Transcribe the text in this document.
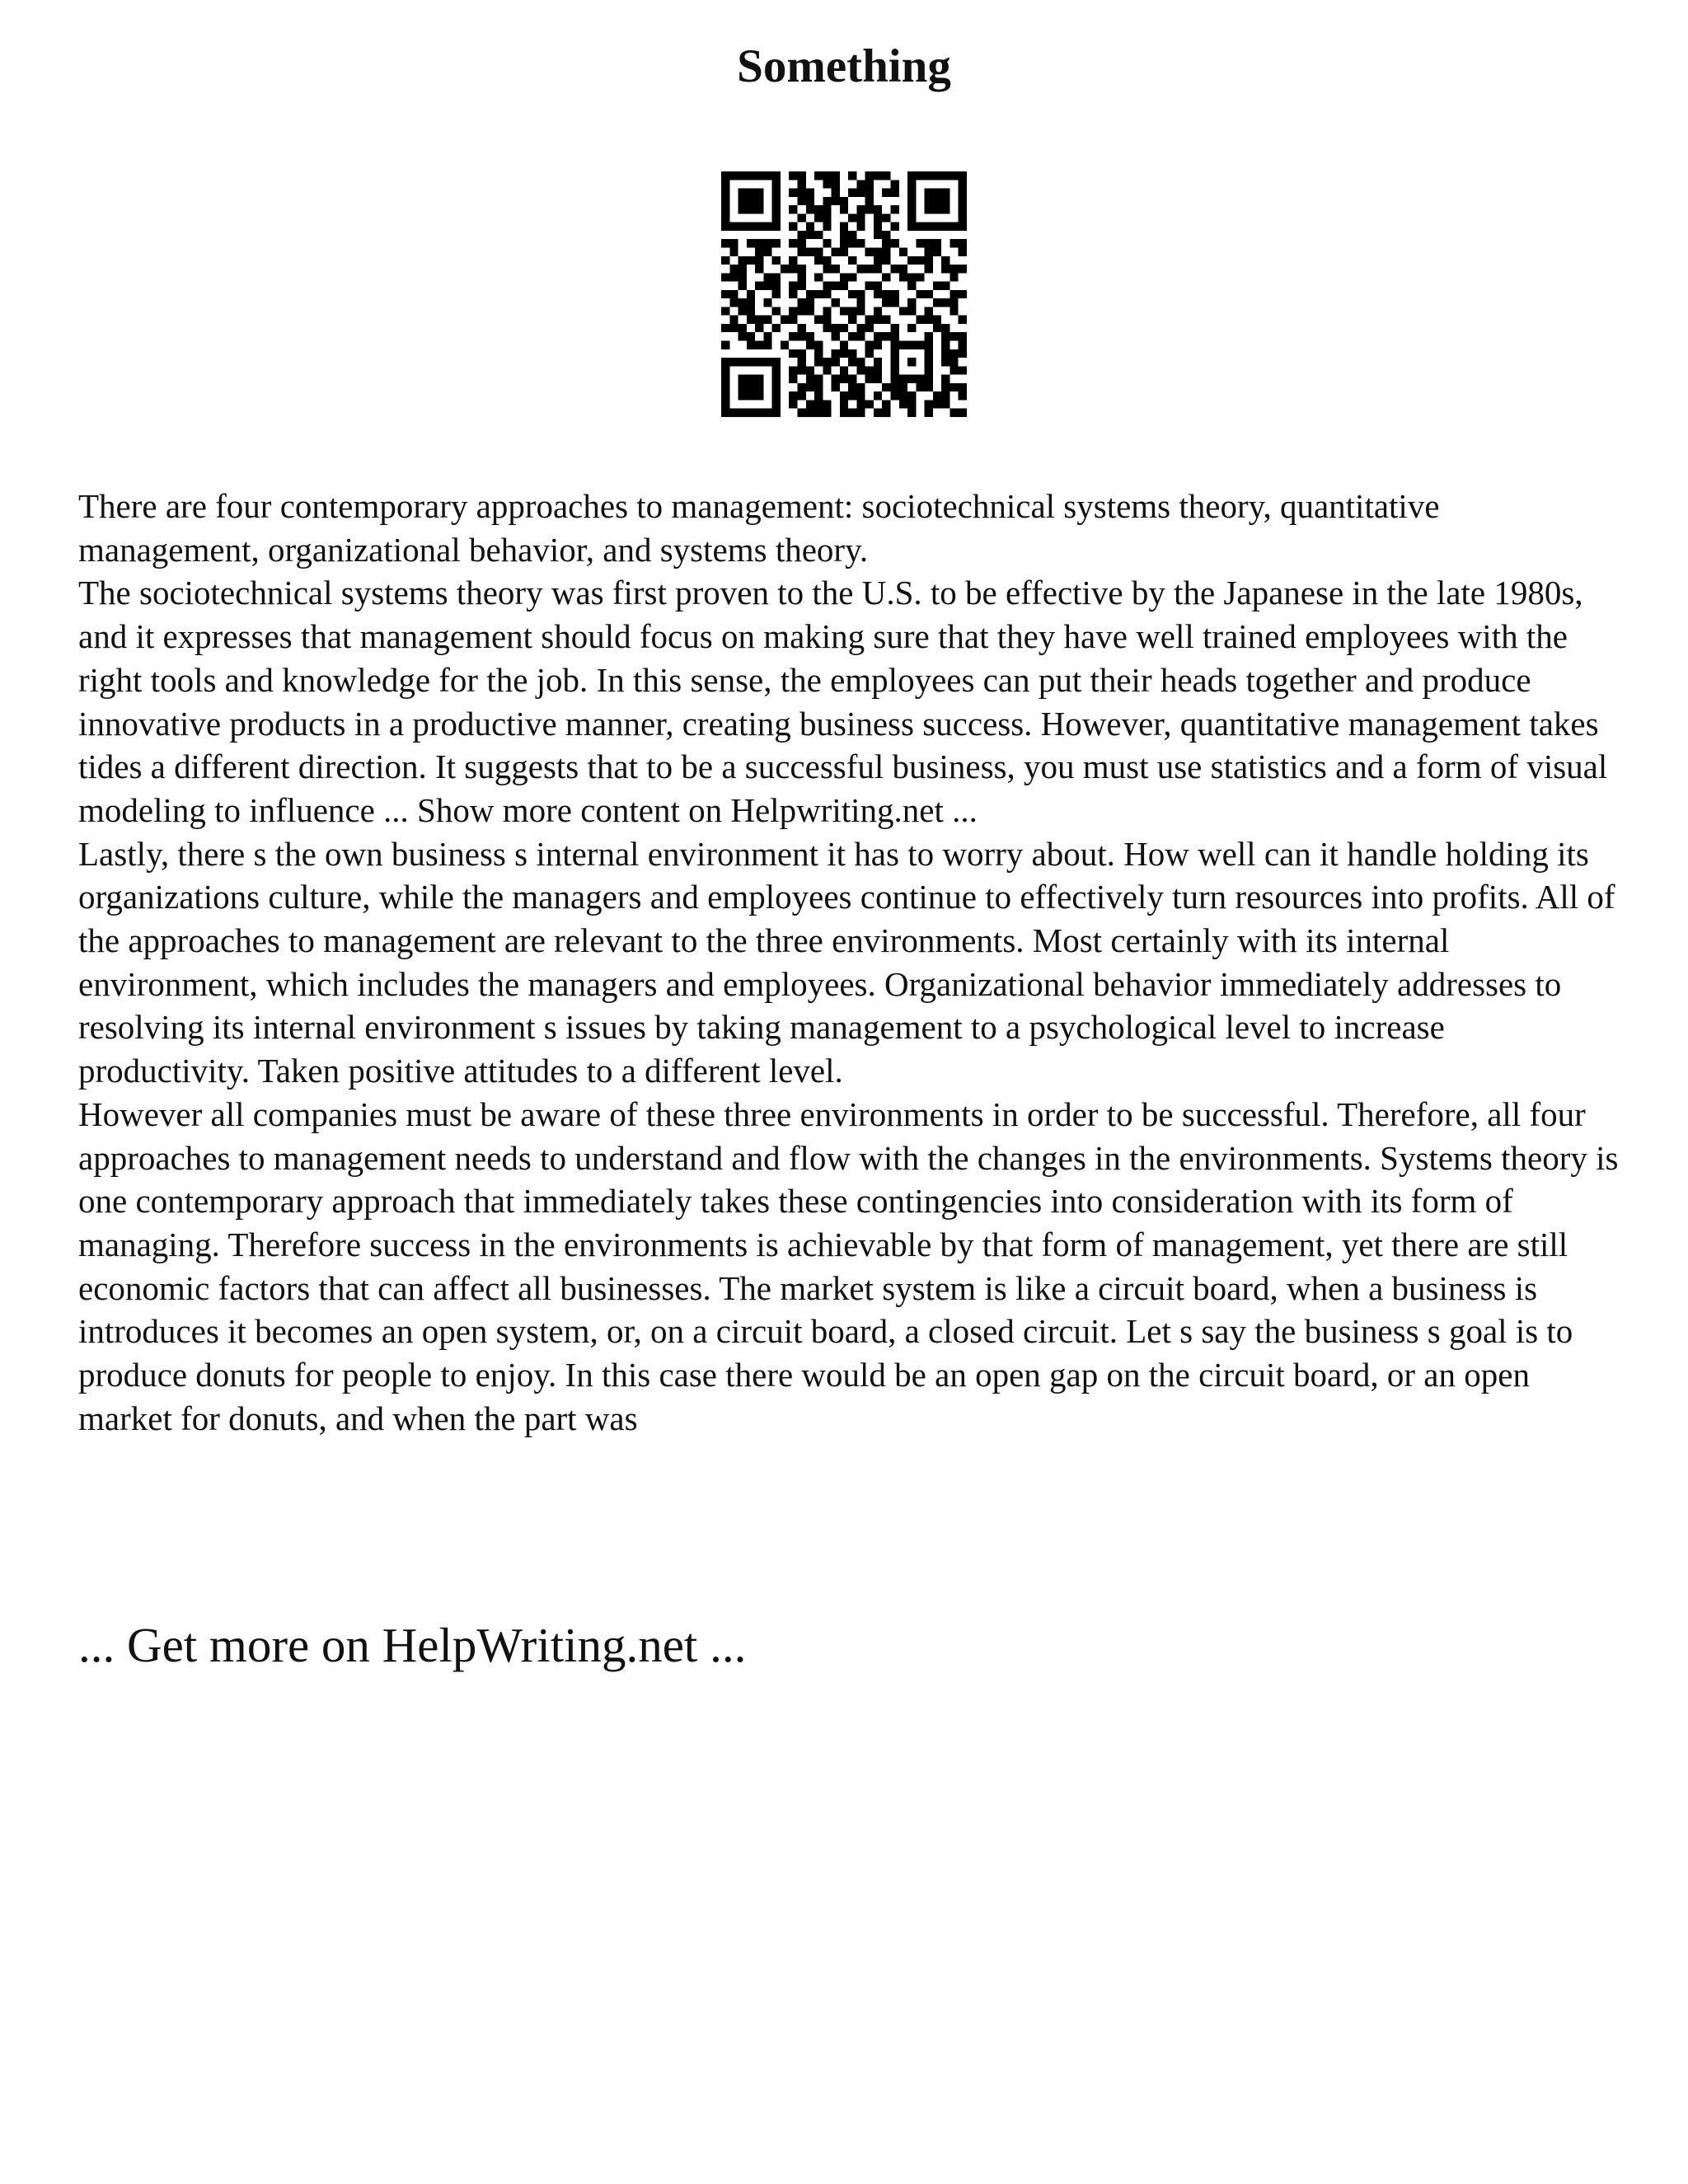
Something

There are four contemporary approaches to management: sociotechnical systems theory, quantitative management, organizational behavior, and systems theory.

The sociotechnical systems theory was first proven to the U.S. to be effective by the Japanese in the late 1980s, and it expresses that management should focus on making sure that they have well trained employees with the right tools and knowledge for the job. In this sense, the employees can put their heads together and produce innovative products in a productive manner, creating business success. However, quantitative management takes tides a different direction. It suggests that to be a successful business, you must use statistics and a form of visual modeling to influence ... Show more content on Helpwriting.net ...

Lastly, there s the own business s internal environment it has to worry about. How well can it handle holding its organizations culture, while the managers and employees continue to effectively turn resources into profits. All of the approaches to management are relevant to the three environments. Most certainly with its internal environment, which includes the managers and employees. Organizational behavior immediately addresses to resolving its internal environment s issues by taking management to a psychological level to increase productivity. Taken positive attitudes to a different level.

However all companies must be aware of these three environments in order to be successful. Therefore, all four approaches to management needs to understand and flow with the changes in the environments. Systems theory is one contemporary approach that immediately takes these contingencies into consideration with its form of managing. Therefore success in the environments is achievable by that form of management, yet there are still economic factors that can affect all businesses. The market system is like a circuit board, when a business is introduces it becomes an open system, or, on a circuit board, a closed circuit. Let s say the business s goal is to produce donuts for people to enjoy. In this case there would be an open gap on the circuit board, or an open market for donuts, and when the part was

... Get more on HelpWriting.net ...
